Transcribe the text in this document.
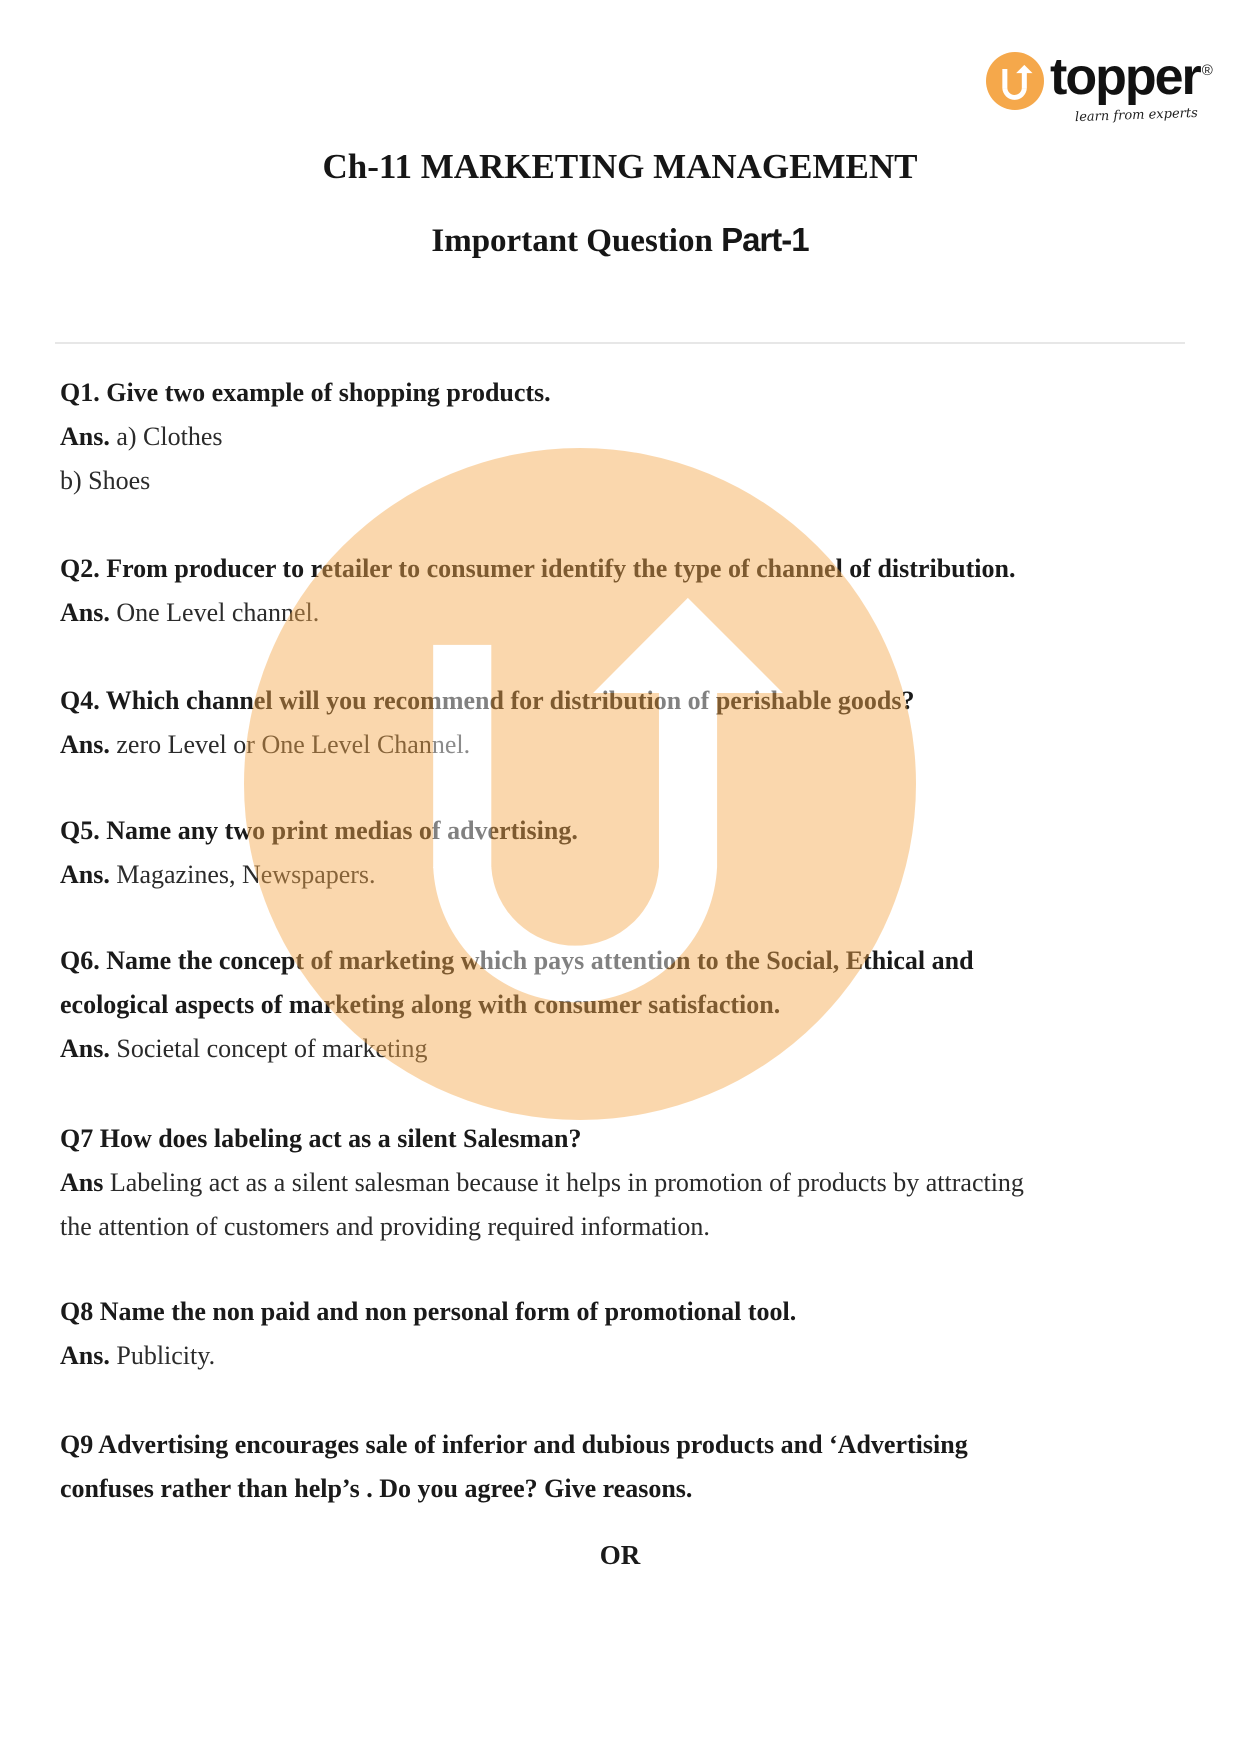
topper ®
learn from experts
Ch-11 MARKETING MANAGEMENT
Important Question Part-1
Q1. Give two example of shopping products.
Ans. a) Clothes
b) Shoes
Q2. From producer to retailer to consumer identify the type of channel of distribution.
Ans. One Level channel.
Q4. Which channel will you recommend for distribution of perishable goods?
Ans. zero Level or One Level Channel.
Q5. Name any two print medias of advertising.
Ans. Magazines, Newspapers.
Q6. Name the concept of marketing which pays attention to the Social, Ethical and
ecological aspects of marketing along with consumer satisfaction.
Ans. Societal concept of marketing
Q7 How does labeling act as a silent Salesman?
Ans Labeling act as a silent salesman because it helps in promotion of products by attracting
the attention of customers and providing required information.
Q8 Name the non paid and non personal form of promotional tool.
Ans. Publicity.
Q9 Advertising encourages sale of inferior and dubious products and ‘Advertising
confuses rather than help’s . Do you agree? Give reasons.
OR
